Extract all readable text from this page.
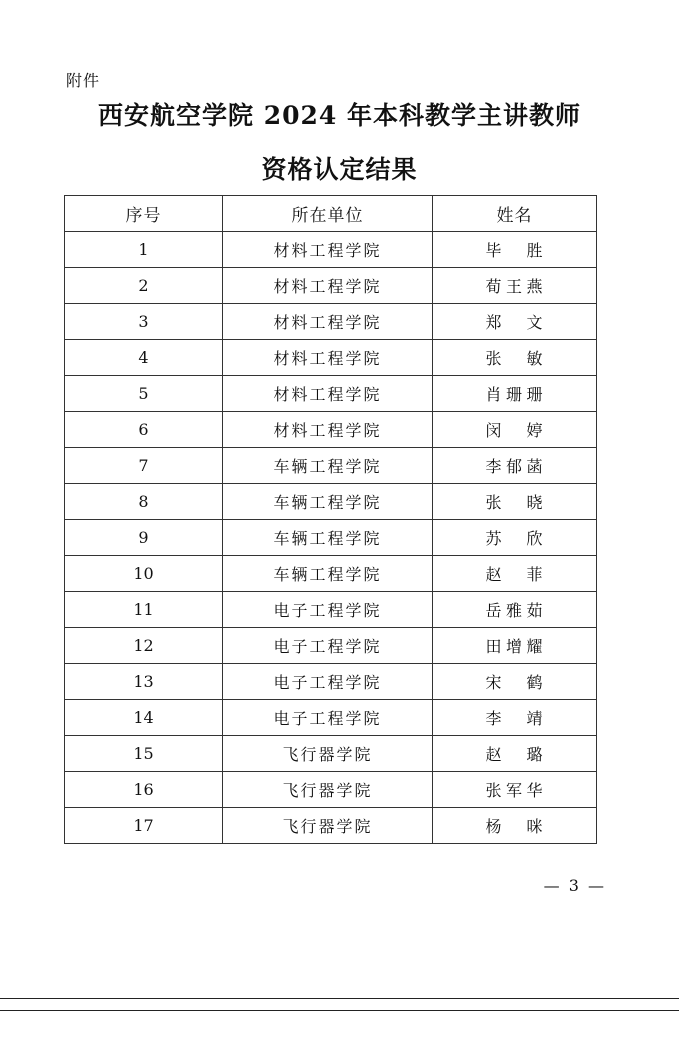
附件
西安航空学院 2024 年本科教学主讲教师
资格认定结果
序号	所在单位	姓名
1	材料工程学院	毕　胜
2	材料工程学院	荀王燕
3	材料工程学院	郑　文
4	材料工程学院	张　敏
5	材料工程学院	肖珊珊
6	材料工程学院	闵　婷
7	车辆工程学院	李郁菡
8	车辆工程学院	张　晓
9	车辆工程学院	苏　欣
10	车辆工程学院	赵　菲
11	电子工程学院	岳雅茹
12	电子工程学院	田增耀
13	电子工程学院	宋　鹤
14	电子工程学院	李　靖
15	飞行器学院	赵　璐
16	飞行器学院	张军华
17	飞行器学院	杨　咪
— 3 —
